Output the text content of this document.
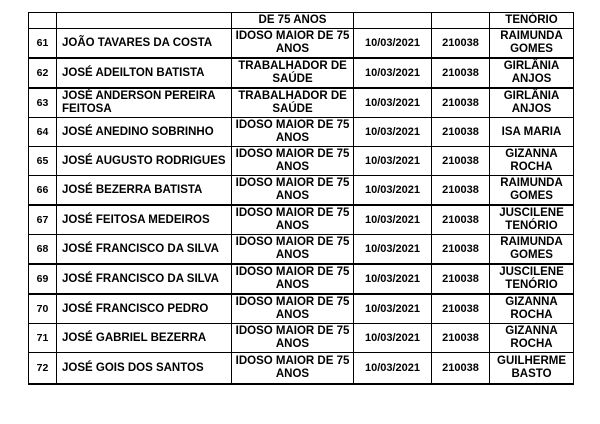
		DE 75 ANOS			TENÓRIO
61	JOÃO TAVARES DA COSTA	IDOSO MAIOR DE 75 ANOS	10/03/2021	210038	RAIMUNDA GOMES
62	JOSÉ ADEILTON BATISTA	TRABALHADOR DE SAÚDE	10/03/2021	210038	GIRLÂNIA ANJOS
63	JOSÉ ANDERSON PEREIRA FEITOSA	TRABALHADOR DE SAÚDE	10/03/2021	210038	GIRLÂNIA ANJOS
64	JOSÉ ANEDINO SOBRINHO	IDOSO MAIOR DE 75 ANOS	10/03/2021	210038	ISA MARIA
65	JOSÉ AUGUSTO RODRIGUES	IDOSO MAIOR DE 75 ANOS	10/03/2021	210038	GIZANNA ROCHA
66	JOSÉ BEZERRA BATISTA	IDOSO MAIOR DE 75 ANOS	10/03/2021	210038	RAIMUNDA GOMES
67	JOSÉ FEITOSA MEDEIROS	IDOSO MAIOR DE 75 ANOS	10/03/2021	210038	JUSCILENE TENÓRIO
68	JOSÉ FRANCISCO DA SILVA	IDOSO MAIOR DE 75 ANOS	10/03/2021	210038	RAIMUNDA GOMES
69	JOSÉ FRANCISCO DA SILVA	IDOSO MAIOR DE 75 ANOS	10/03/2021	210038	JUSCILENE TENÓRIO
70	JOSÉ FRANCISCO PEDRO	IDOSO MAIOR DE 75 ANOS	10/03/2021	210038	GIZANNA ROCHA
71	JOSÉ GABRIEL BEZERRA	IDOSO MAIOR DE 75 ANOS	10/03/2021	210038	GIZANNA ROCHA
72	JOSÉ GOIS DOS SANTOS	IDOSO MAIOR DE 75 ANOS	10/03/2021	210038	GUILHERME BASTO
